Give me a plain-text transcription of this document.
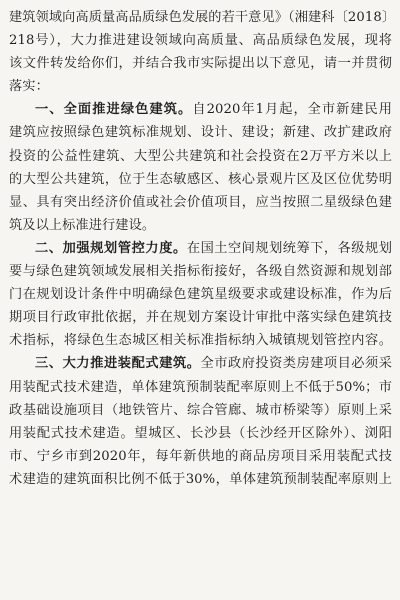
建筑领域向高质量高品质绿色发展的若干意见》（湘建科〔2018〕
218号），大力推进建设领域向高质量、高品质绿色发展，现将
该文件转发给你们，并结合我市实际提出以下意见，请一并贯彻
落实：
一、全面推进绿色建筑。自2020年1月起，全市新建民用
建筑应按照绿色建筑标准规划、设计、建设；新建、改扩建政府
投资的公益性建筑、大型公共建筑和社会投资在2万平方米以上
的大型公共建筑，位于生态敏感区、核心景观片区及区位优势明
显、具有突出经济价值或社会价值项目，应当按照二星级绿色建
筑及以上标准进行建设。
二、加强规划管控力度。在国土空间规划统筹下，各级规划
要与绿色建筑领域发展相关指标衔接好，各级自然资源和规划部
门在规划设计条件中明确绿色建筑星级要求或建设标准，作为后
期项目行政审批依据，并在规划方案设计审批中落实绿色建筑技
术指标，将绿色生态城区相关标准指标纳入城镇规划管控内容。
三、大力推进装配式建筑。全市政府投资类房建项目必须采
用装配式技术建造，单体建筑预制装配率原则上不低于50%；市
政基础设施项目（地铁管片、综合管廊、城市桥梁等）原则上采
用装配式技术建造。望城区、长沙县（长沙经开区除外）、浏阳
市、宁乡市到2020年，每年新供地的商品房项目采用装配式技
术建造的建筑面积比例不低于30%，单体建筑预制装配率原则上
